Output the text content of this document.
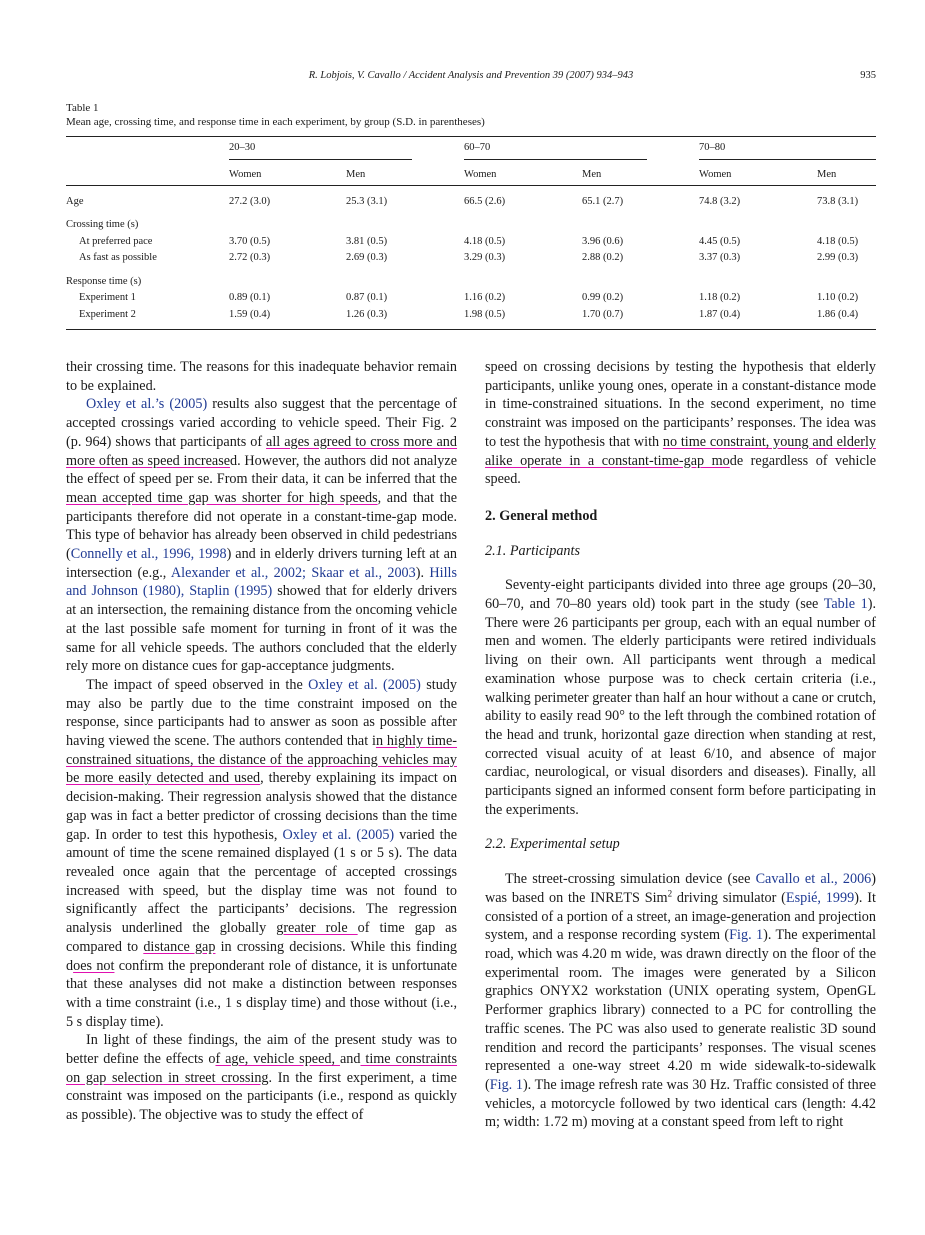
R. Lobjois, V. Cavallo / Accident Analysis and Prevention 39 (2007) 934–943	935

Table 1

Mean age, crossing time, and response time in each experiment, by group (S.D. in parentheses)

	20–30		60–70		70–80	

	Women	Men	Women	Men	Women	Men

Age	27.2 (3.0)	25.3 (3.1)	66.5 (2.6)	65.1 (2.7)	74.8 (3.2)	73.8 (3.1)

Crossing time (s)						
At preferred pace	3.70 (0.5)	3.81 (0.5)	4.18 (0.5)	3.96 (0.6)	4.45 (0.5)	4.18 (0.5)
As fast as possible	2.72 (0.3)	2.69 (0.3)	3.29 (0.3)	2.88 (0.2)	3.37 (0.3)	2.99 (0.3)

Response time (s)						
Experiment 1	0.89 (0.1)	0.87 (0.1)	1.16 (0.2)	0.99 (0.2)	1.18 (0.2)	1.10 (0.2)
Experiment 2	1.59 (0.4)	1.26 (0.3)	1.98 (0.5)	1.70 (0.7)	1.87 (0.4)	1.86 (0.4)

their crossing time. The reasons for this inadequate behavior remain to be explained.

Oxley et al.’s (2005) results also suggest that the percentage of accepted crossings varied according to vehicle speed. Their Fig. 2 (p. 964) shows that participants of all ages agreed to cross more and more often as speed increased. However, the authors did not analyze the effect of speed per se. From their data, it can be inferred that the mean accepted time gap was shorter for high speeds, and that the participants therefore did not operate in a constant-time-gap mode. This type of behavior has already been observed in child pedestrians (Connelly et al., 1996, 1998) and in elderly drivers turning left at an intersection (e.g., Alexander et al., 2002; Skaar et al., 2003). Hills and Johnson (1980), Staplin (1995) showed that for elderly drivers at an intersection, the remaining distance from the oncoming vehicle at the last possible safe moment for turning in front of it was the same for all vehicle speeds. The authors concluded that the elderly rely more on distance cues for gap-acceptance judgments.

The impact of speed observed in the Oxley et al. (2005) study may also be partly due to the time constraint imposed on the response, since participants had to answer as soon as possible after having viewed the scene. The authors contended that in highly time-constrained situations, the distance of the approaching vehicles may be more easily detected and used, thereby explaining its impact on decision-making. Their regression analysis showed that the distance gap was in fact a better predictor of crossing decisions than the time gap. In order to test this hypothesis, Oxley et al. (2005) varied the amount of time the scene remained displayed (1 s or 5 s). The data revealed once again that the percentage of accepted crossings increased with speed, but the display time was not found to significantly affect the participants’ decisions. The regression analysis underlined the globally greater role of time gap as compared to distance gap in crossing decisions. While this finding does not confirm the preponderant role of distance, it is unfortunate that these analyses did not make a distinction between responses with a time constraint (i.e., 1 s display time) and those without (i.e., 5 s display time).

In light of these findings, the aim of the present study was to better define the effects of age, vehicle speed, and time constraints on gap selection in street crossing. In the first experiment, a time constraint was imposed on the participants (i.e., respond as quickly as possible). The objective was to study the effect of

speed on crossing decisions by testing the hypothesis that elderly participants, unlike young ones, operate in a constant-distance mode in time-constrained situations. In the second experiment, no time constraint was imposed on the participants’ responses. The idea was to test the hypothesis that with no time constraint, young and elderly alike operate in a constant-time-gap mode regardless of vehicle speed.

2. General method
2.1. Participants

Seventy-eight participants divided into three age groups (20–30, 60–70, and 70–80 years old) took part in the study (see Table 1). There were 26 participants per group, each with an equal number of men and women. The elderly participants were retired individuals living on their own. All participants went through a medical examination whose purpose was to check certain criteria (i.e., walking perimeter greater than half an hour without a cane or crutch, ability to easily read 90° to the left through the combined rotation of the head and trunk, horizontal gaze direction when standing at rest, corrected visual acuity of at least 6/10, and absence of major cardiac, neurological, or visual disorders and diseases). Finally, all participants signed an informed consent form before participating in the experiments.

2.2. Experimental setup

The street-crossing simulation device (see Cavallo et al., 2006) was based on the INRETS Sim$^2$ driving simulator (Espié, 1999). It consisted of a portion of a street, an image-generation and projection system, and a response recording system (Fig. 1). The experimental road, which was 4.20 m wide, was drawn directly on the floor of the experimental room. The images were generated by a Silicon graphics ONYX2 workstation (UNIX operating system, OpenGL Performer graphics library) connected to a PC for controlling the traffic scenes. The PC was also used to generate realistic 3D sound rendition and record the participants’ responses. The visual scenes represented a one-way street 4.20 m wide sidewalk-to-sidewalk (Fig. 1). The image refresh rate was 30 Hz. Traffic consisted of three vehicles, a motorcycle followed by two identical cars (length: 4.42 m; width: 1.72 m) moving at a constant speed from left to right
